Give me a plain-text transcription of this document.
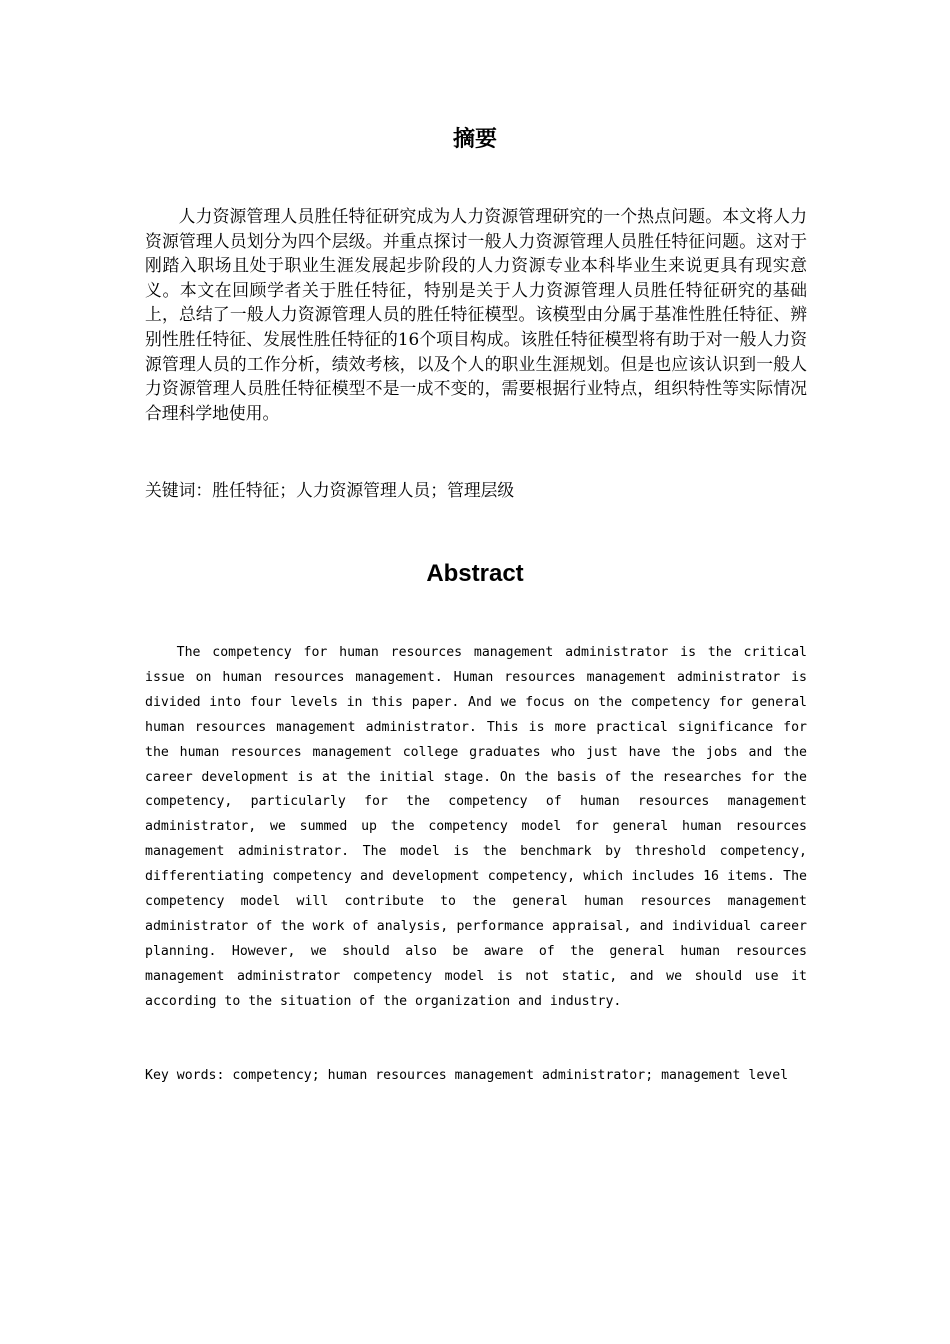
摘要

人力资源管理人员胜任特征研究成为人力资源管理研究的一个热点问题。本文将人力资源管理人员划分为四个层级。并重点探讨一般人力资源管理人员胜任特征问题。这对于刚踏入职场且处于职业生涯发展起步阶段的人力资源专业本科毕业生来说更具有现实意义。本文在回顾学者关于胜任特征，特别是关于人力资源管理人员胜任特征研究的基础上，总结了一般人力资源管理人员的胜任特征模型。该模型由分属于基准性胜任特征、辨别性胜任特征、发展性胜任特征的16个项目构成。该胜任特征模型将有助于对一般人力资源管理人员的工作分析，绩效考核，以及个人的职业生涯规划。但是也应该认识到一般人力资源管理人员胜任特征模型不是一成不变的，需要根据行业特点，组织特性等实际情况合理科学地使用。

关键词：胜任特征；人力资源管理人员；管理层级

Abstract

The competency for human resources management administrator is the critical issue on human resources management. Human resources management administrator is divided into four levels in this paper. And we focus on the competency for general human resources management administrator. This is more practical significance for the human resources management college graduates who just have the jobs and the career development is at the initial stage. On the basis of the researches for the competency, particularly for the competency of human resources management administrator, we summed up the competency model for general human resources management administrator. The model is the benchmark by threshold competency, differentiating competency and development competency, which includes 16 items. The competency model will contribute to the general human resources management administrator of the work of analysis, performance appraisal, and individual career planning. However, we should also be aware of the general human resources management administrator competency model is not static, and we should use it according to the situation of the organization and industry.

Key words: competency; human resources management administrator; management level
